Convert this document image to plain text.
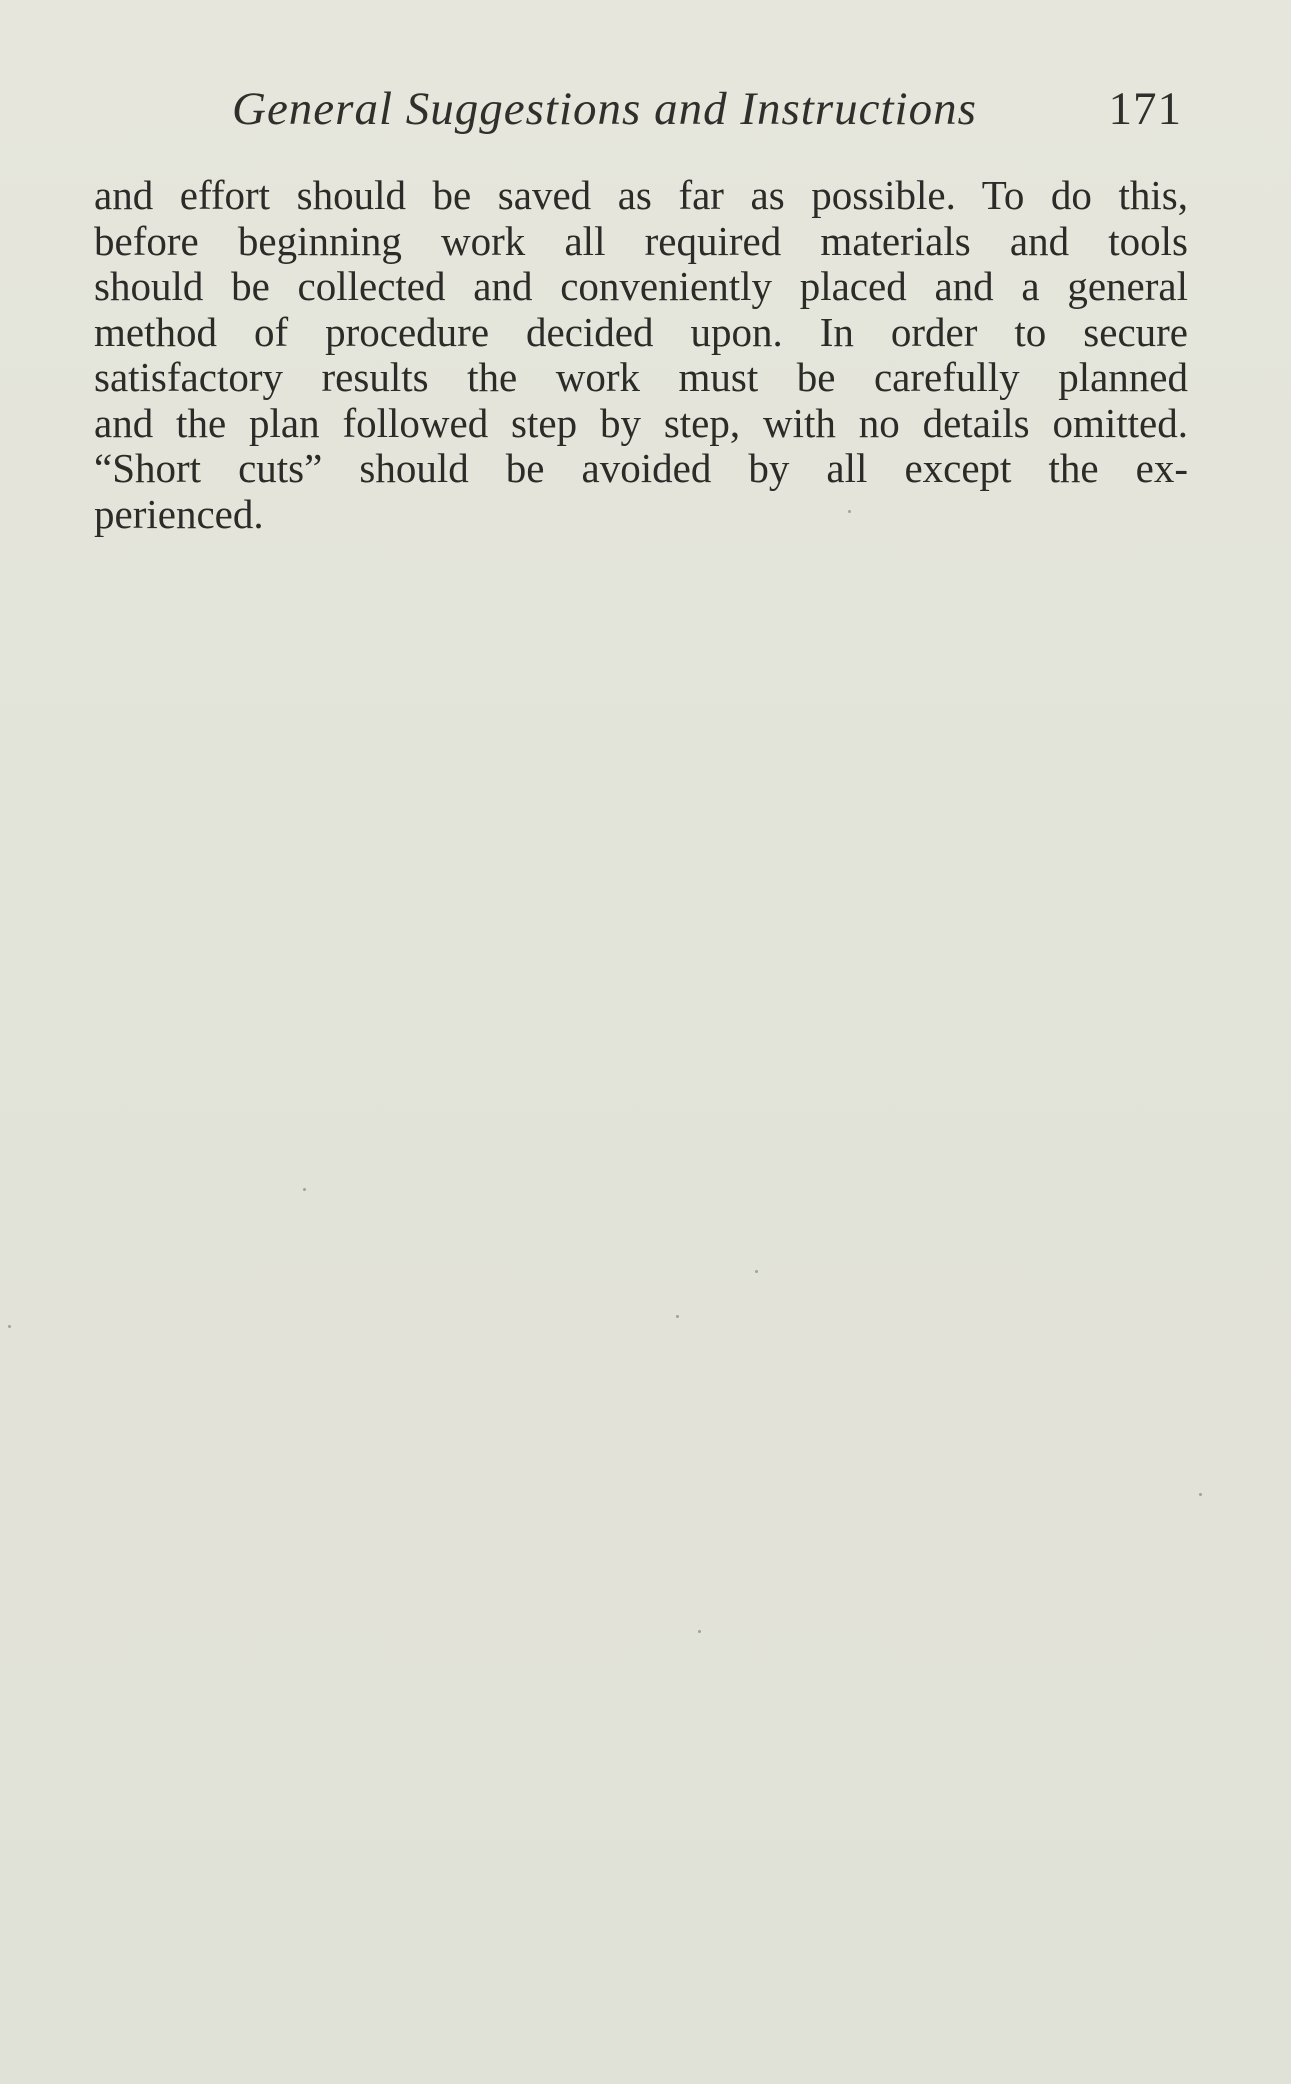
General Suggestions and Instructions	171
and effort should be saved as far as possible. To do this,
before beginning work all required materials and tools
should be collected and conveniently placed and a general
method of procedure decided upon. In order to secure
satisfactory results the work must be carefully planned
and the plan followed step by step, with no details omitted.
“Short cuts” should be avoided by all except the ex-
perienced.
